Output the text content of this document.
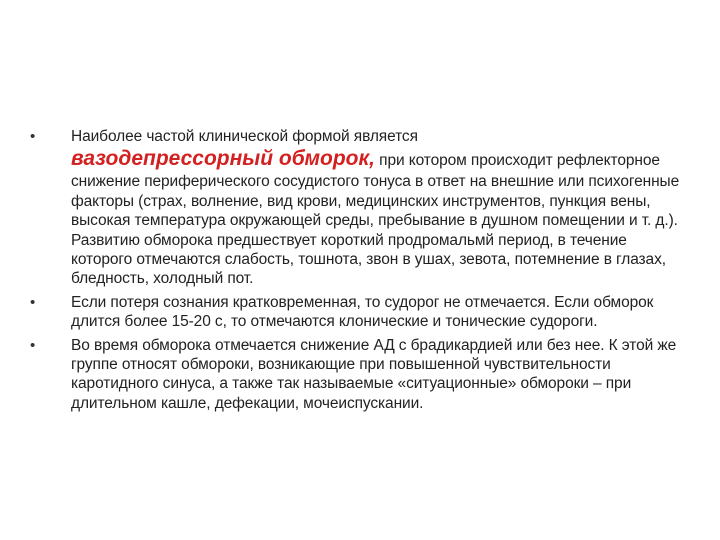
•	Наиболее частой клинической формой является
вазодепрессорный обморок, при котором происходит рефлекторное снижение периферического сосудистого тонуса в ответ на внешние или психогенные факторы (страх, волнение, вид крови, медицинских инструментов, пункция вены, высокая температура окружающей среды, пребывание в душном помещении и т. д.). Развитию обморока предшествует короткий продромальмй период, в течение которого отмечаются слабость, тошнота, звон в ушах, зевота, потемнение в глазах, бледность, холодный пот.
•	Если потеря сознания кратковременная, то судорог не отмечается. Если обморок длится более 15-20 с, то отмечаются клонические и тонические судороги.
•	Во время обморока отмечается снижение АД с брадикардией или без нее. К этой же группе относят обмороки, возникающие при повышенной чувствительности каротидного синуса, а также так называемые «ситуационные» обмороки – при длительном кашле, дефекации, мочеиспускании.
